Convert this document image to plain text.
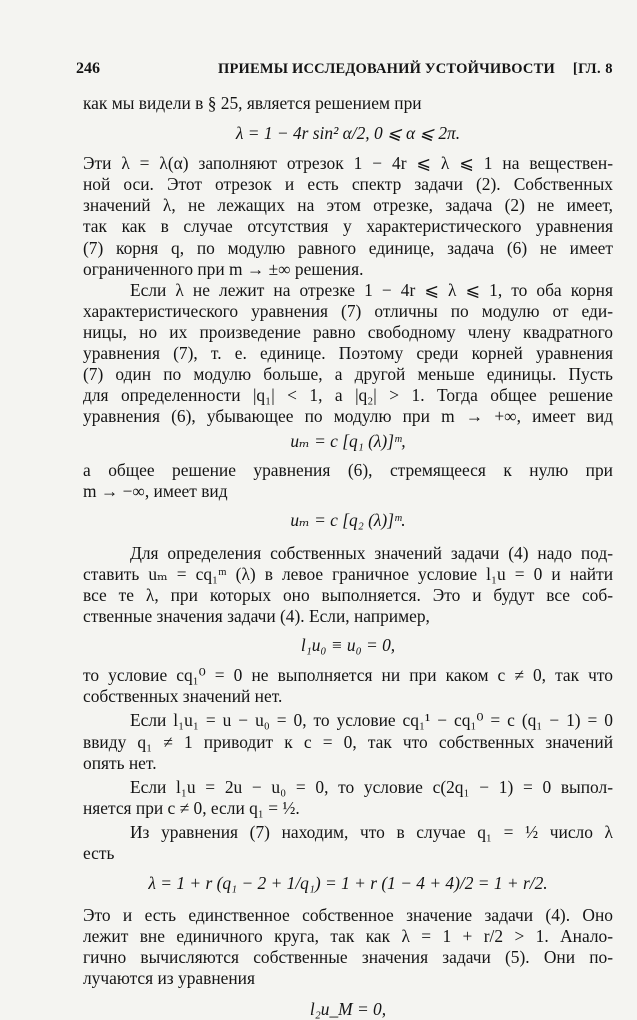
246	ПРИЕМЫ ИССЛЕДОВАНИЙ УСТОЙЧИВОСТИ [ГЛ. 8

как мы видели в § 25, является решением при

λ = 1 − 4r sin² α/2, 0 ⩽ α ⩽ 2π.

Эти λ = λ(α) заполняют отрезок 1 − 4r ⩽ λ ⩽ 1 на веществен-
ной оси. Этот отрезок и есть спектр задачи (2). Собственных
значений λ, не лежащих на этом отрезке, задача (2) не имеет,
так как в случае отсутствия у характеристического уравнения
(7) корня q, по модулю равного единице, задача (6) не имеет
ограниченного при m → ±∞ решения.

Если λ не лежит на отрезке 1 − 4r ⩽ λ ⩽ 1, то оба корня
характеристического уравнения (7) отличны по модулю от еди-
ницы, но их произведение равно свободному члену квадратного
уравнения (7), т. е. единице. Поэтому среди корней уравнения
(7) один по модулю больше, а другой меньше единицы. Пусть
для определенности |q₁| < 1, а |q₂| > 1. Тогда общее решение
уравнения (6), убывающее по модулю при m → +∞, имеет вид

uₘ = c [q₁ (λ)]ᵐ,

а общее решение уравнения (6), стремящееся к нулю при
m → −∞, имеет вид

uₘ = c [q₂ (λ)]ᵐ.

Для определения собственных значений задачи (4) надо под-
ставить uₘ = cq₁ᵐ (λ) в левое граничное условие l₁u = 0 и найти
все те λ, при которых оно выполняется. Это и будут все соб-
ственные значения задачи (4). Если, например,

l₁u₀ ≡ u₀ = 0,

то условие cq₁⁰ = 0 не выполняется ни при каком c ≠ 0, так что
собственных значений нет.

Если l₁u₁ = u − u₀ = 0, то условие cq₁¹ − cq₁⁰ = c (q₁ − 1) = 0
ввиду q₁ ≠ 1 приводит к c = 0, так что собственных значений
опять нет.

Если l₁u = 2u − u₀ = 0, то условие c(2q₁ − 1) = 0 выпол-
няется при c ≠ 0, если q₁ = ½.

Из уравнения (7) находим, что в случае q₁ = ½ число λ
есть

λ = 1 + r (q₁ − 2 + 1/q₁) = 1 + r (1 − 4 + 4)/2 = 1 + r/2.

Это и есть единственное собственное значение задачи (4). Оно
лежит вне единичного круга, так как λ = 1 + r/2 > 1. Анало-
гично вычисляются собственные значения задачи (5). Они по-
лучаются из уравнения

l₂u_M = 0,
